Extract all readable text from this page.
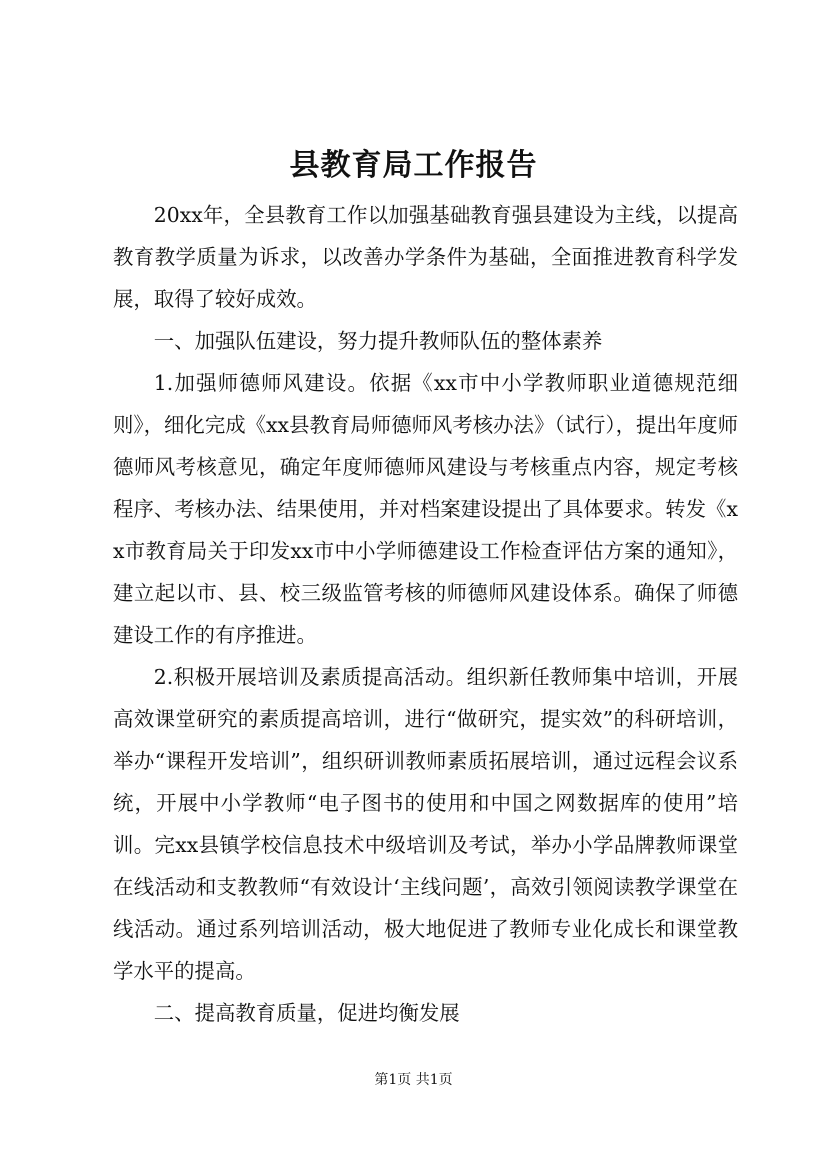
县教育局工作报告

20xx年，全县教育工作以加强基础教育强县建设为主线，以提高教育教学质量为诉求，以改善办学条件为基础，全面推进教育科学发展，取得了较好成效。

一、加强队伍建设，努力提升教师队伍的整体素养

1.加强师德师风建设。依据《xx市中小学教师职业道德规范细则》，细化完成《xx县教育局师德师风考核办法》（试行），提出年度师德师风考核意见，确定年度师德师风建设与考核重点内容，规定考核程序、考核办法、结果使用，并对档案建设提出了具体要求。转发《xx市教育局关于印发xx市中小学师德建设工作检查评估方案的通知》，建立起以市、县、校三级监管考核的师德师风建设体系。确保了师德建设工作的有序推进。

2.积极开展培训及素质提高活动。组织新任教师集中培训，开展高效课堂研究的素质提高培训，进行“做研究，提实效”的科研培训，举办“课程开发培训”，组织研训教师素质拓展培训，通过远程会议系统，开展中小学教师“电子图书的使用和中国之网数据库的使用”培训。完xx县镇学校信息技术中级培训及考试，举办小学品牌教师课堂在线活动和支教教师“有效设计‘主线问题’，高效引领阅读教学课堂在线活动。通过系列培训活动，极大地促进了教师专业化成长和课堂教学水平的提高。

二、提高教育质量，促进均衡发展

第1页 共1页
